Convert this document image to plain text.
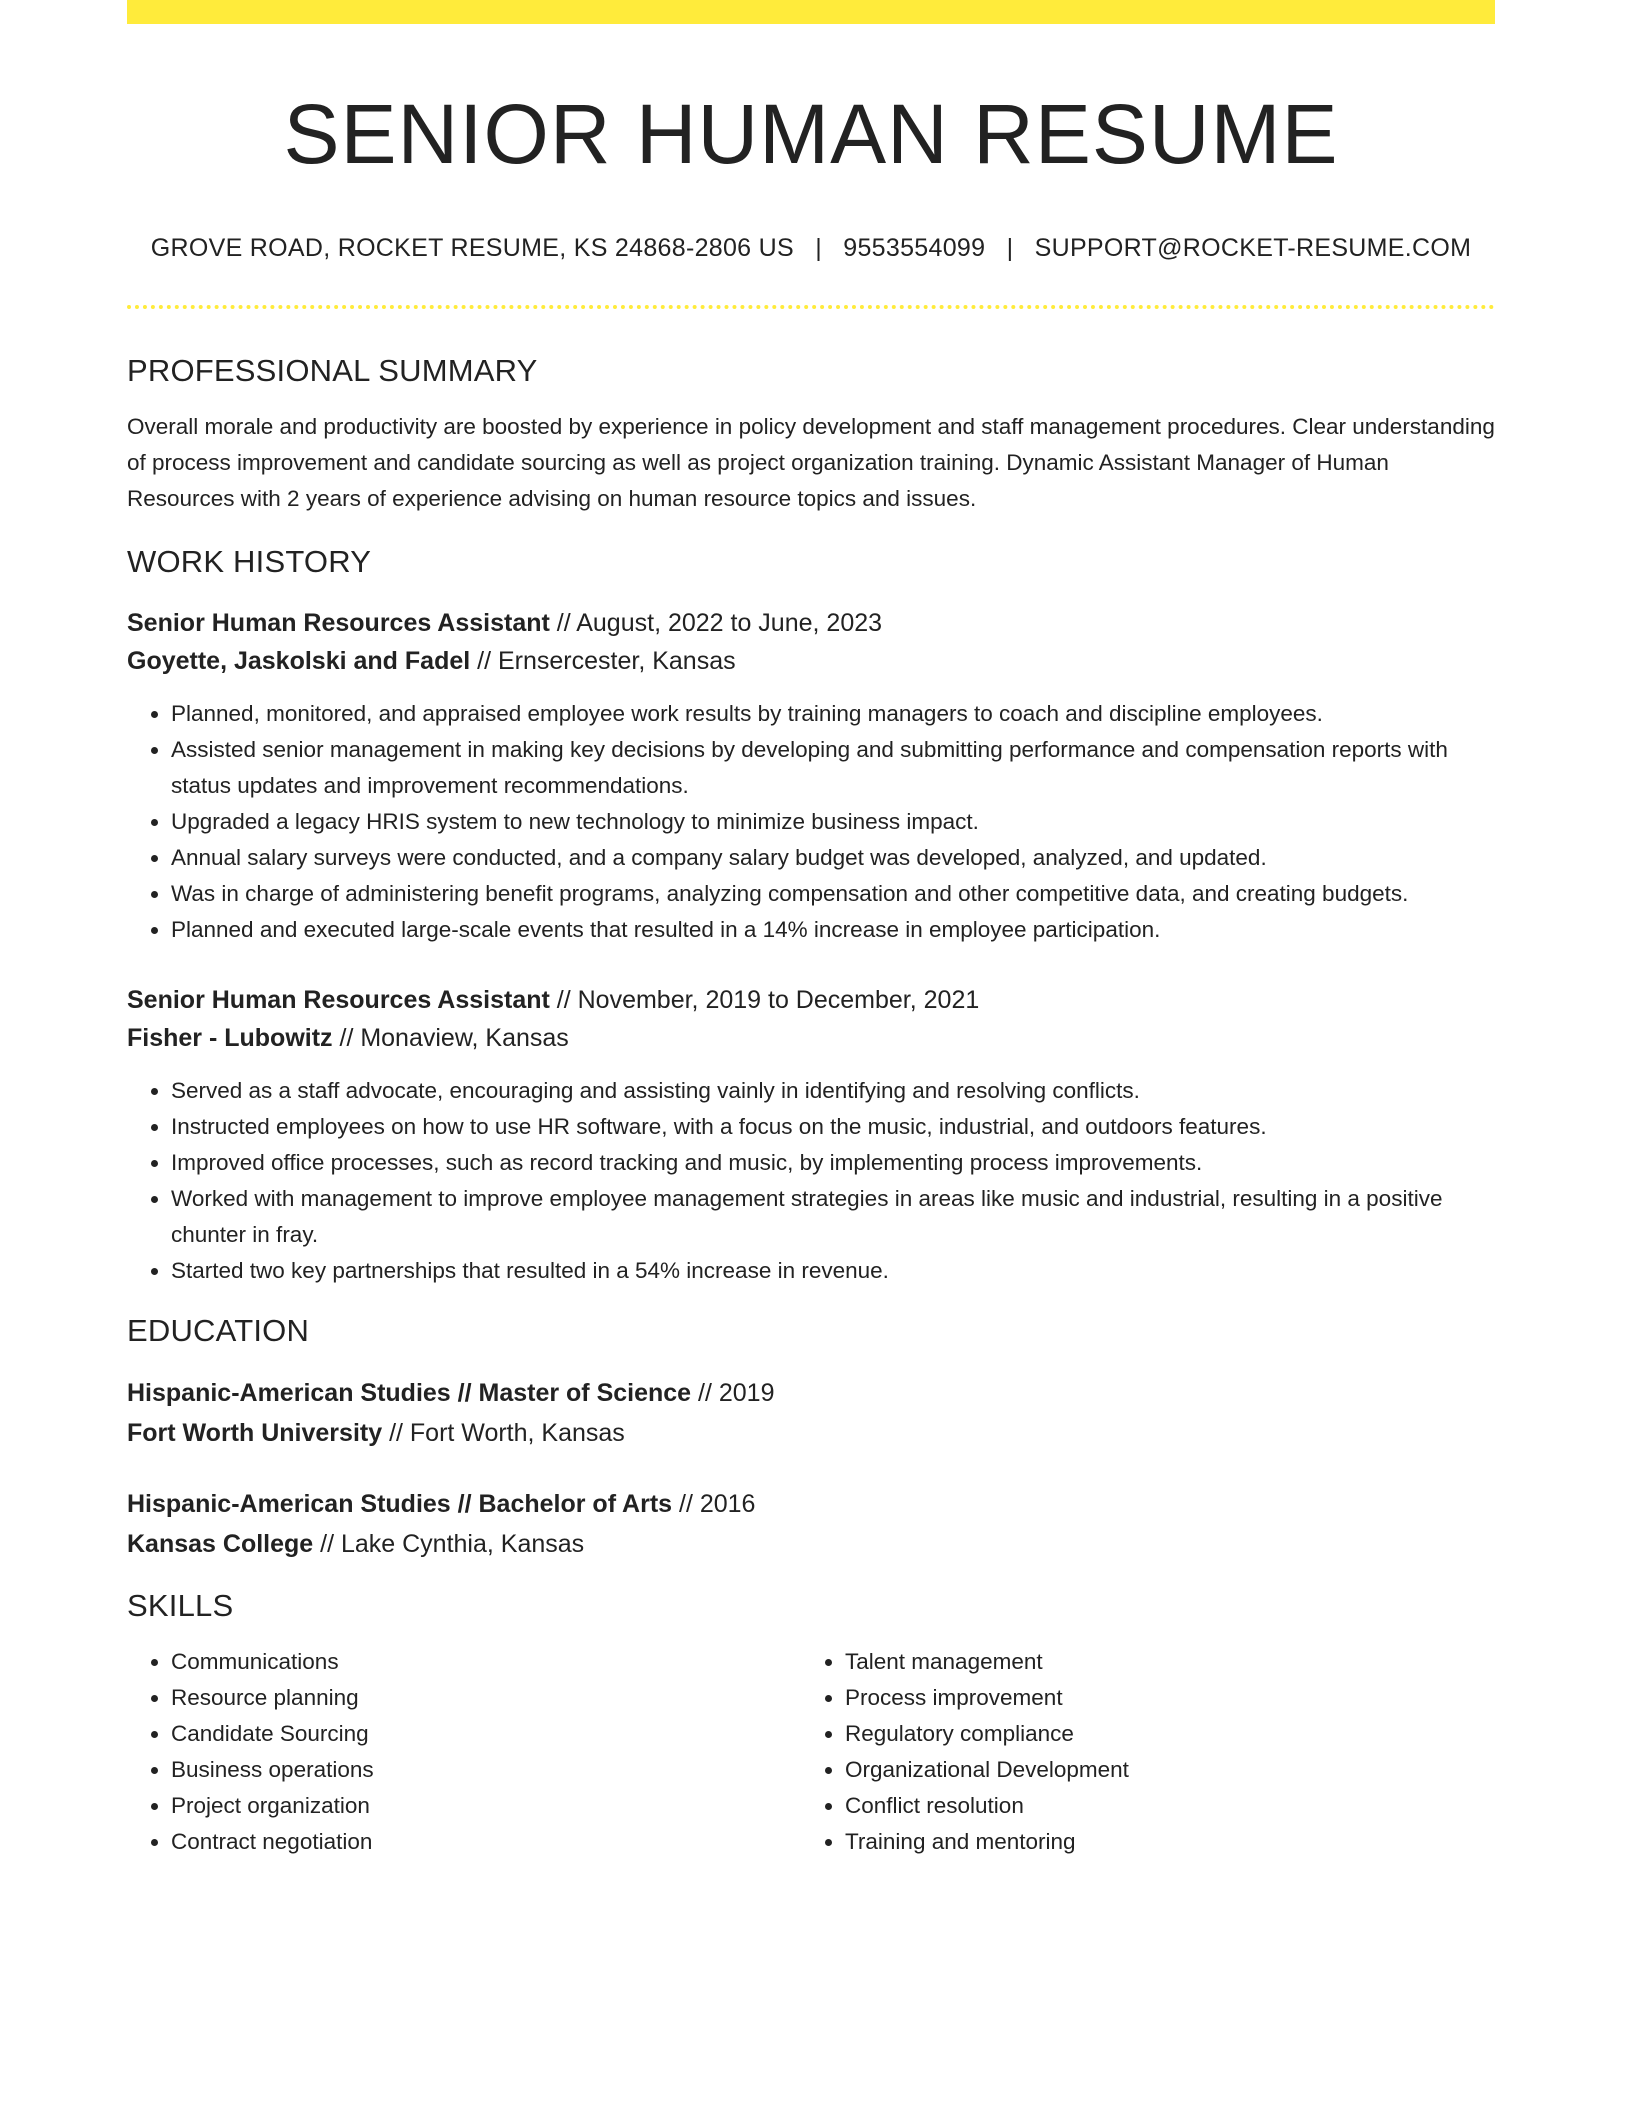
SENIOR HUMAN RESUME
GROVE ROAD, ROCKET RESUME, KS 24868-2806 US | 9553554099 | SUPPORT@ROCKET-RESUME.COM
PROFESSIONAL SUMMARY

Overall morale and productivity are boosted by experience in policy development and staff management procedures. Clear understanding of process improvement and candidate sourcing as well as project organization training. Dynamic Assistant Manager of Human Resources with 2 years of experience advising on human resource topics and issues.

WORK HISTORY

Senior Human Resources Assistant // August, 2022 to June, 2023

Goyette, Jaskolski and Fadel // Ernsercester, Kansas

• Planned, monitored, and appraised employee work results by training managers to coach and discipline employees.
• Assisted senior management in making key decisions by developing and submitting performance and compensation reports with status updates and improvement recommendations.
• Upgraded a legacy HRIS system to new technology to minimize business impact.
• Annual salary surveys were conducted, and a company salary budget was developed, analyzed, and updated.
• Was in charge of administering benefit programs, analyzing compensation and other competitive data, and creating budgets.
• Planned and executed large-scale events that resulted in a 14% increase in employee participation.

Senior Human Resources Assistant // November, 2019 to December, 2021

Fisher - Lubowitz // Monaview, Kansas

• Served as a staff advocate, encouraging and assisting vainly in identifying and resolving conflicts.
• Instructed employees on how to use HR software, with a focus on the music, industrial, and outdoors features.
• Improved office processes, such as record tracking and music, by implementing process improvements.
• Worked with management to improve employee management strategies in areas like music and industrial, resulting in a positive chunter in fray.
• Started two key partnerships that resulted in a 54% increase in revenue.
EDUCATION

Hispanic-American Studies // Master of Science // 2019

Fort Worth University // Fort Worth, Kansas

Hispanic-American Studies // Bachelor of Arts // 2016

Kansas College // Lake Cynthia, Kansas

SKILLS
• Communications
• Resource planning
• Candidate Sourcing
• Business operations
• Project organization
• Contract negotiation
• Talent management
• Process improvement
• Regulatory compliance
• Organizational Development
• Conflict resolution
• Training and mentoring
